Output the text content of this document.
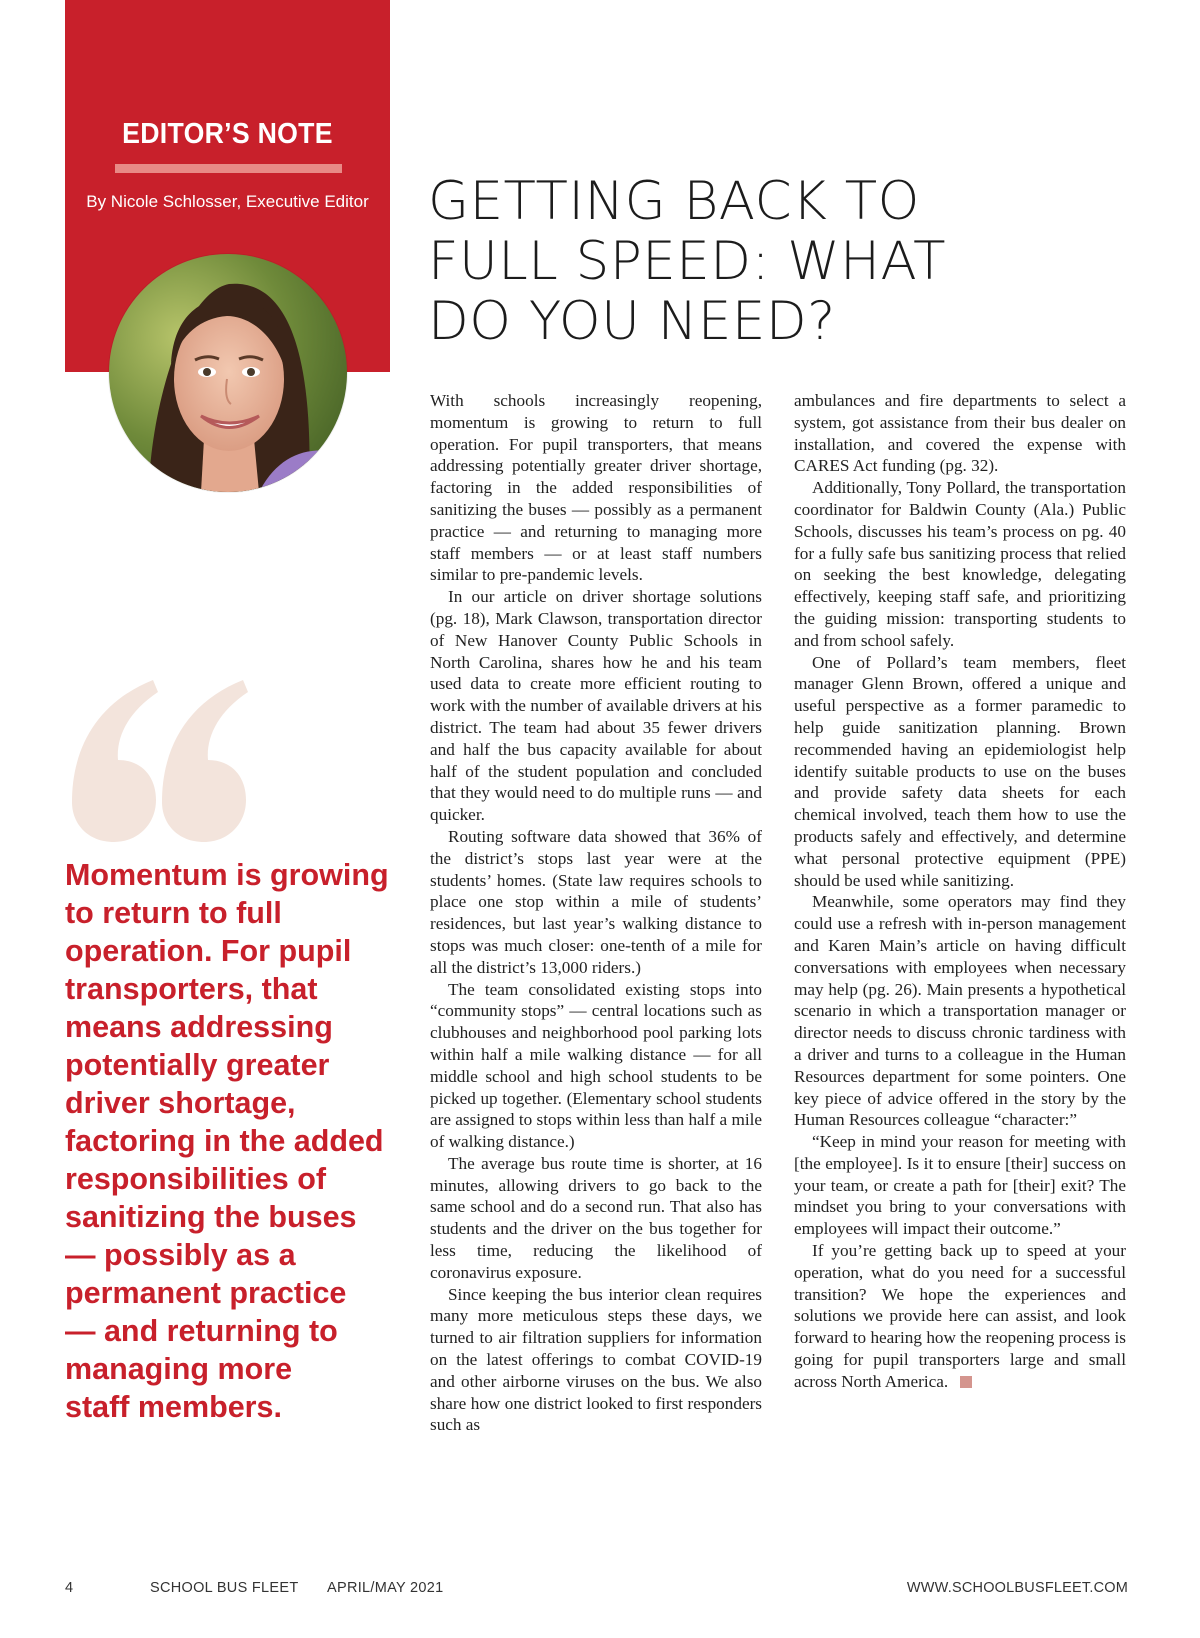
EDITOR’S NOTE
By Nicole Schlosser, Executive Editor	GETTING BACK TO
FULL SPEED: WHAT
DO YOU NEED?
Momentum is growing
to return to full
operation. For pupil
transporters, that
means addressing
potentially greater
driver shortage,
factoring in the added
responsibilities of
sanitizing the buses
— possibly as a
permanent practice
— and returning to
managing more
staff members.

With schools increasingly reopening, momentum is growing to return to full operation. For pupil transporters, that means addressing potentially greater driver shortage, factoring in the added responsibilities of sanitizing the buses — possibly as a permanent practice — and returning to managing more staff members — or at least staff numbers similar to pre-pandemic levels.

In our article on driver shortage solutions (pg. 18), Mark Clawson, transportation director of New Hanover County Public Schools in North Carolina, shares how he and his team used data to create more efficient routing to work with the number of available drivers at his district. The team had about 35 fewer drivers and half the bus capacity available for about half of the student population and concluded that they would need to do multiple runs — and quicker.

Routing software data showed that 36% of the district’s stops last year were at the students’ homes. (State law requires schools to place one stop within a mile of students’ residences, but last year’s walking distance to stops was much closer: one-tenth of a mile for all the district’s 13,000 riders.)

The team consolidated existing stops into “community stops” — central locations such as clubhouses and neighborhood pool parking lots within half a mile walking distance — for all middle school and high school students to be picked up together. (Elementary school students are assigned to stops within less than half a mile of walking distance.)

The average bus route time is shorter, at 16 minutes, allowing drivers to go back to the same school and do a second run. That also has students and the driver on the bus together for less time, reducing the likelihood of coronavirus exposure.

Since keeping the bus interior clean requires many more meticulous steps these days, we turned to air filtration suppliers for information on the latest offerings to combat COVID-19 and other airborne viruses on the bus. We also share how one district looked to first responders such as

ambulances and fire departments to select a system, got assistance from their bus dealer on installation, and covered the expense with CARES Act funding (pg. 32).

Additionally, Tony Pollard, the transportation coordinator for Baldwin County (Ala.) Public Schools, discusses his team’s process on pg. 40 for a fully safe bus sanitizing process that relied on seeking the best knowledge, delegating effectively, keeping staff safe, and prioritizing the guiding mission: transporting students to and from school safely.

One of Pollard’s team members, fleet manager Glenn Brown, offered a unique and useful perspective as a former paramedic to help guide sanitization planning. Brown recommended having an epidemiologist help identify suitable products to use on the buses and provide safety data sheets for each chemical involved, teach them how to use the products safely and effectively, and determine what personal protective equipment (PPE) should be used while sanitizing.

Meanwhile, some operators may find they could use a refresh with in-person management and Karen Main’s article on having difficult conversations with employees when necessary may help (pg. 26). Main presents a hypothetical scenario in which a transportation manager or director needs to discuss chronic tardiness with a driver and turns to a colleague in the Human Resources department for some pointers. One key piece of advice offered in the story by the Human Resources colleague “character:”

“Keep in mind your reason for meeting with [the employee]. Is it to ensure [their] success on your team, or create a path for [their] exit? The mindset you bring to your conversations with employees will impact their outcome.”

If you’re getting back up to speed at your operation, what do you need for a successful transition? We hope the experiences and solutions we provide here can assist, and look forward to hearing how the reopening process is going for pupil transporters large and small across North America.

4	SCHOOL BUS FLEET APRIL/MAY 2021	WWW.SCHOOLBUSFLEET.COM
